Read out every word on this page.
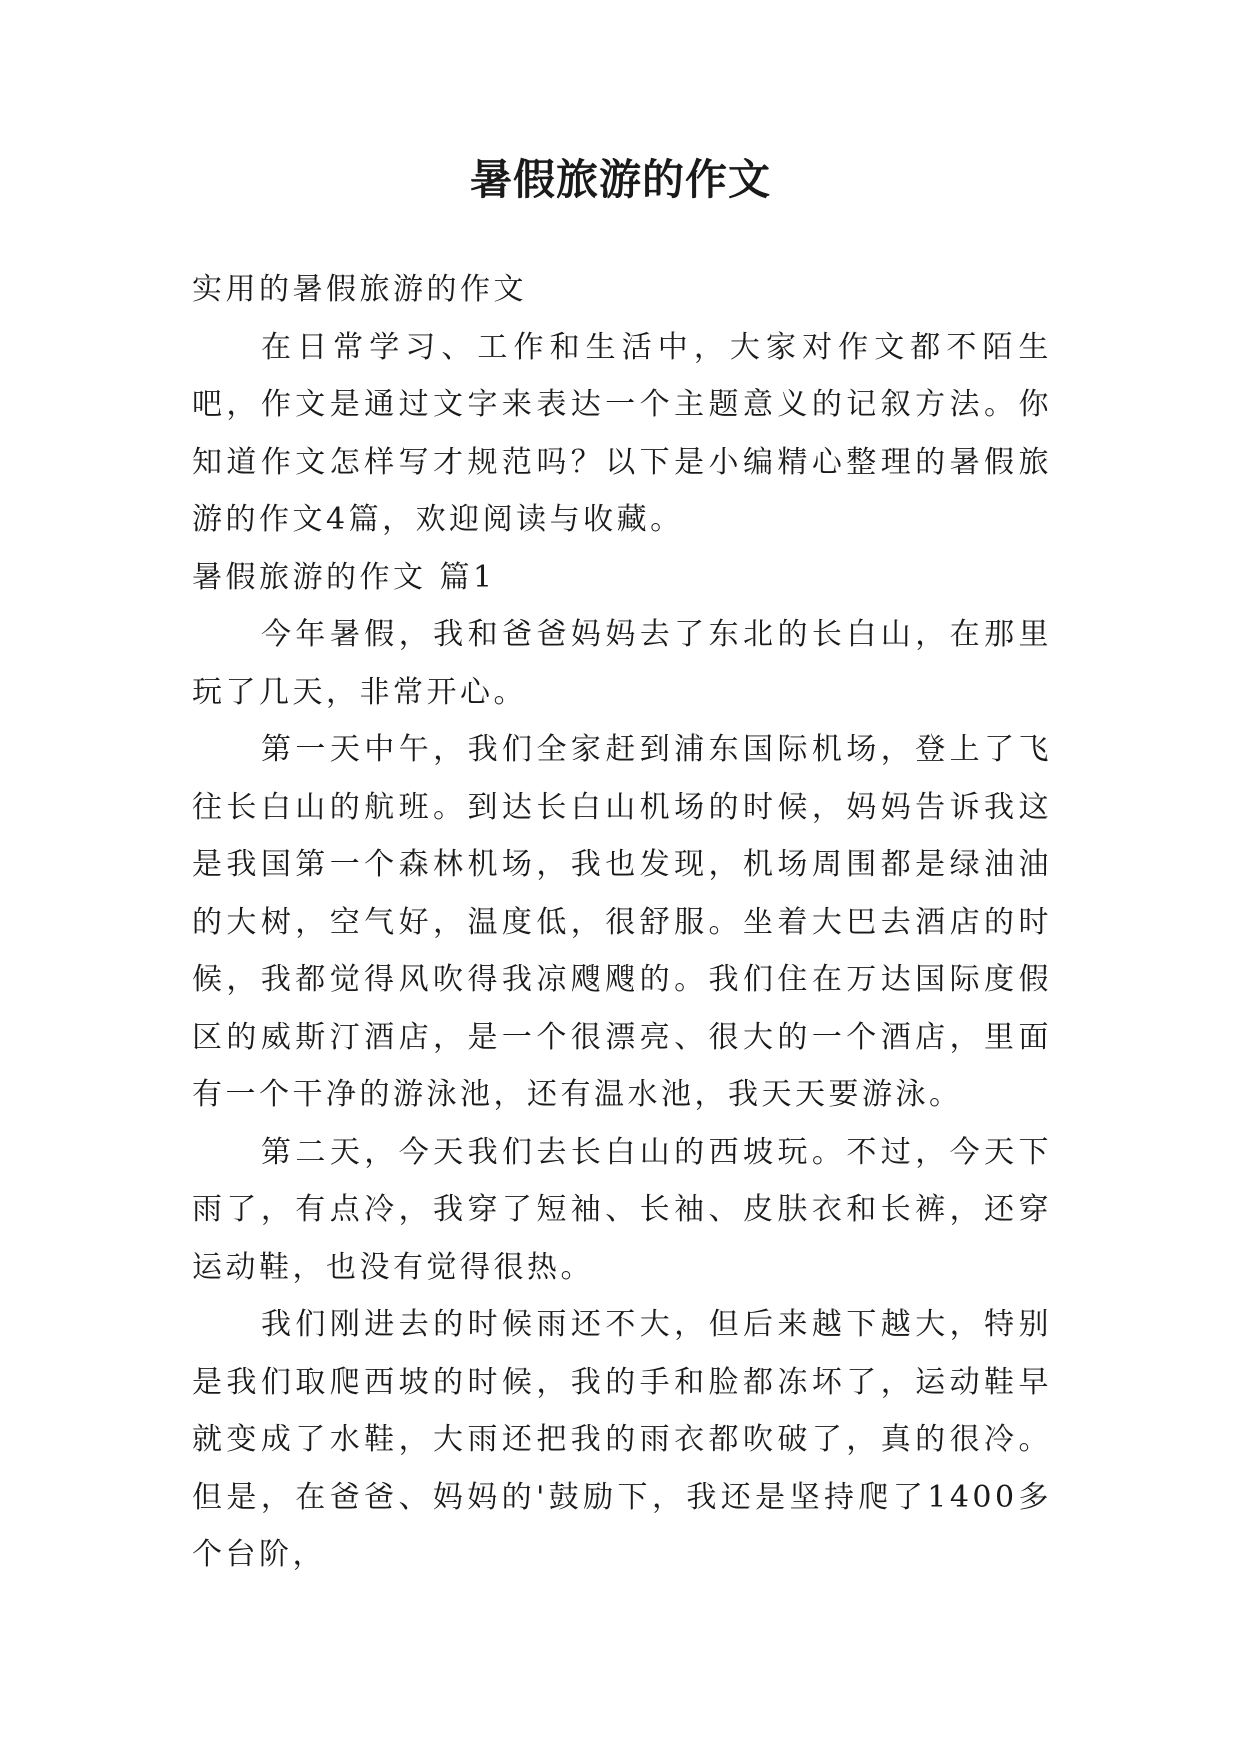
暑假旅游的作文

实用的暑假旅游的作文

在日常学习、工作和生活中，大家对作文都不陌生吧，作文是通过文字来表达一个主题意义的记叙方法。你知道作文怎样写才规范吗？以下是小编精心整理的暑假旅游的作文4篇，欢迎阅读与收藏。

暑假旅游的作文 篇1

今年暑假，我和爸爸妈妈去了东北的长白山，在那里玩了几天，非常开心。

第一天中午，我们全家赶到浦东国际机场，登上了飞往长白山的航班。到达长白山机场的时候，妈妈告诉我这是我国第一个森林机场，我也发现，机场周围都是绿油油的大树，空气好，温度低，很舒服。坐着大巴去酒店的时候，我都觉得风吹得我凉飕飕的。我们住在万达国际度假区的威斯汀酒店，是一个很漂亮、很大的一个酒店，里面有一个干净的游泳池，还有温水池，我天天要游泳。

第二天，今天我们去长白山的西坡玩。不过，今天下雨了，有点冷，我穿了短袖、长袖、皮肤衣和长裤，还穿运动鞋，也没有觉得很热。

我们刚进去的时候雨还不大，但后来越下越大，特别是我们取爬西坡的时候，我的手和脸都冻坏了，运动鞋早就变成了水鞋，大雨还把我的雨衣都吹破了，真的很冷。但是，在爸爸、妈妈的'鼓励下，我还是坚持爬了1400多个台阶，
